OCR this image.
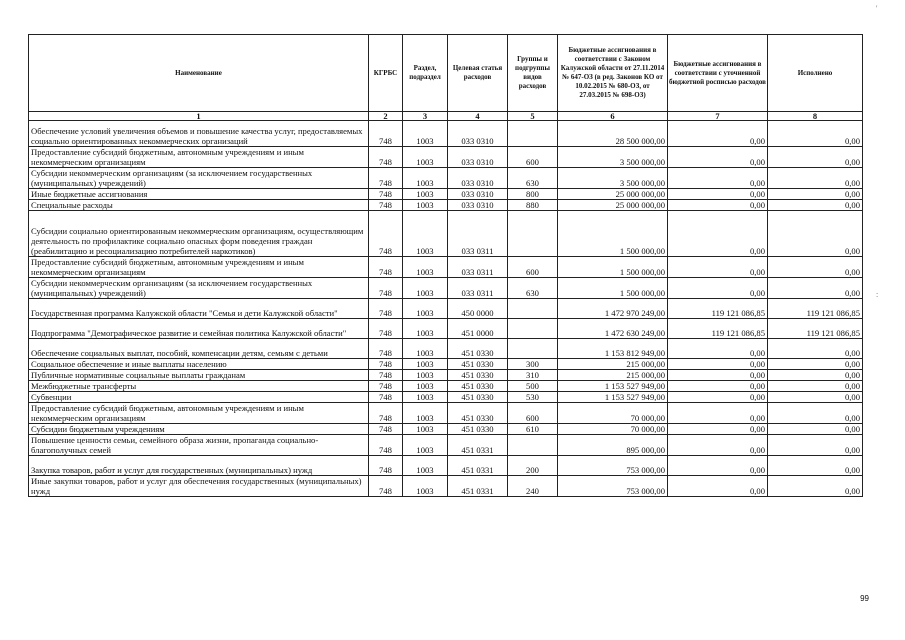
Наименование	КГРБС	Раздел, подраздел	Целевая статья расходов	Группы и подгруппы видов расходов	Бюджетные ассигнования в соответствии с Законом Калужской области от 27.11.2014 № 647-ОЗ (в ред. Законов КО от 10.02.2015 № 680-ОЗ, от 27.03.2015 № 698-ОЗ)	Бюджетные ассигнования в соответствии с уточненной бюджетной росписью расходов	Исполнено
1	2	3	4	5	6	7	8
Обеспечение условий увеличения объемов и повышение качества услуг, предоставляемых социально ориентированных некоммерческих организаций	748	1003	033 0310		28 500 000,00	0,00	0,00
Предоставление субсидий бюджетным, автономным учреждениям и иным некоммерческим организациям	748	1003	033 0310	600	3 500 000,00	0,00	0,00
Субсидии некоммерческим организациям (за исключением государственных (муниципальных) учреждений)	748	1003	033 0310	630	3 500 000,00	0,00	0,00
Иные бюджетные ассигнования	748	1003	033 0310	800	25 000 000,00	0,00	0,00
Специальные расходы	748	1003	033 0310	880	25 000 000,00	0,00	0,00
Субсидии социально ориентированным некоммерческим организациям, осуществляющим деятельность по профилактике социально опасных форм поведения граждан (реабилитацию и ресоциализацию потребителей наркотиков)	748	1003	033 0311		1 500 000,00	0,00	0,00
Предоставление субсидий бюджетным, автономным учреждениям и иным некоммерческим организациям	748	1003	033 0311	600	1 500 000,00	0,00	0,00
Субсидии некоммерческим организациям (за исключением государственных (муниципальных) учреждений)	748	1003	033 0311	630	1 500 000,00	0,00	0,00
Государственная программа Калужской области "Семья и дети Калужской области"	748	1003	450 0000		1 472 970 249,00	119 121 086,85	119 121 086,85
Подпрограмма "Демографическое развитие и семейная политика Калужской области"	748	1003	451 0000		1 472 630 249,00	119 121 086,85	119 121 086,85
Обеспечение социальных выплат, пособий, компенсации детям, семьям с детьми	748	1003	451 0330		1 153 812 949,00	0,00	0,00
Социальное обеспечение и иные выплаты населению	748	1003	451 0330	300	215 000,00	0,00	0,00
Публичные нормативные социальные выплаты гражданам	748	1003	451 0330	310	215 000,00	0,00	0,00
Межбюджетные трансферты	748	1003	451 0330	500	1 153 527 949,00	0,00	0,00
Субвенции	748	1003	451 0330	530	1 153 527 949,00	0,00	0,00
Предоставление субсидий бюджетным, автономным учреждениям и иным некоммерческим организациям	748	1003	451 0330	600	70 000,00	0,00	0,00
Субсидии бюджетным учреждениям	748	1003	451 0330	610	70 000,00	0,00	0,00
Повышение ценности семьи, семейного образа жизни, пропаганда социально-благополучных семей	748	1003	451 0331		895 000,00	0,00	0,00
Закупка товаров, работ и услуг для государственных (муниципальных) нужд	748	1003	451 0331	200	753 000,00	0,00	0,00
Иные закупки товаров, работ и услуг для обеспечения государственных (муниципальных) нужд	748	1003	451 0331	240	753 000,00	0,00	0,00
'
:
99
